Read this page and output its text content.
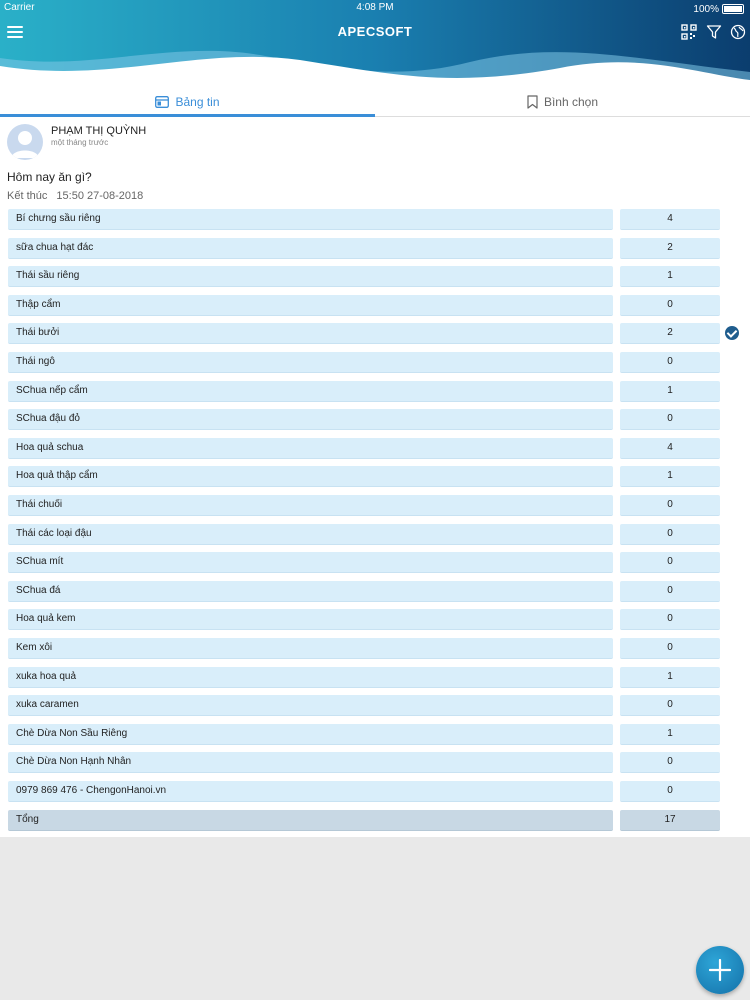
Carrier	4:08 PM	100%
APECSOFT
Bảng tin	Bình chọn
PHẠM THỊ QUỲNH
một tháng trước
Hôm nay ăn gì?
Kết thúc 15:50 27-08-2018
Bí chưng sầu riêng	4
sữa chua hạt đác	2
Thái sầu riêng	1
Thập cẩm	0
Thái bưởi	2
Thái ngô	0
SChua nếp cẩm	1
SChua đậu đỏ	0
Hoa quả schua	4
Hoa quả thập cẩm	1
Thái chuối	0
Thái các loại đậu	0
SChua mít	0
SChua đá	0
Hoa quả kem	0
Kem xôi	0
xuka hoa quả	1
xuka caramen	0
Chè Dừa Non Sầu Riêng	1
Chè Dừa Non Hạnh Nhân	0
0979 869 476 - ChengonHanoi.vn	0
Tổng	17
